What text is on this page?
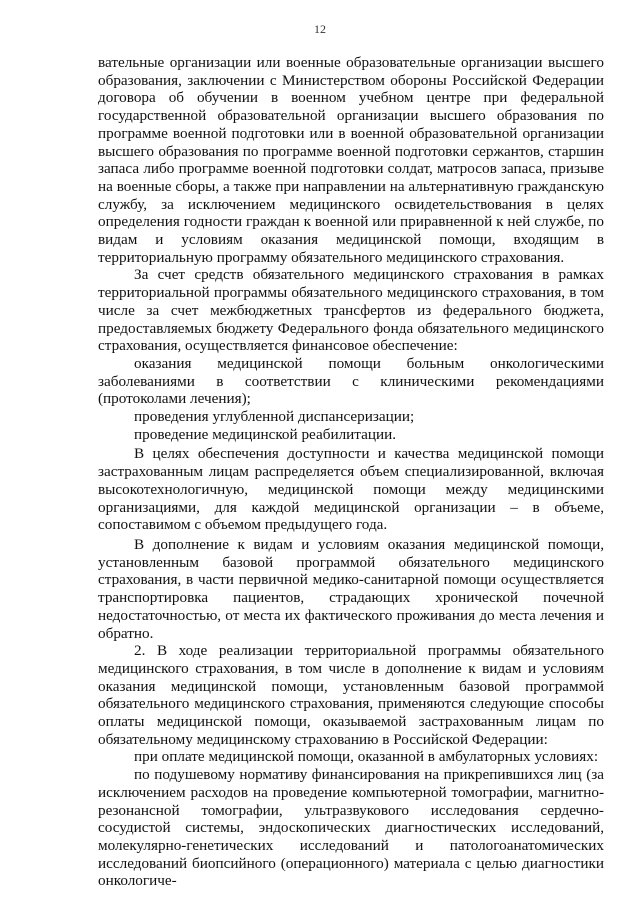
12

вательные организации или военные образовательные организации высшего образования, заключении с Министерством обороны Российской Федерации договора об обучении в военном учебном центре при федеральной государственной образовательной организации высшего образования по программе военной подготовки или в военной образовательной организации высшего образования по программе военной подготовки сержантов, старшин запаса либо программе военной подготовки солдат, матросов запаса, призыве на военные сборы, а также при направлении на альтернативную гражданскую службу, за исключением медицинского освидетельствования в целях определения годности граждан к военной или приравненной к ней службе, по видам и условиям оказания медицинской помощи, входящим в территориальную программу обязательного медицинского страхования.

За счет средств обязательного медицинского страхования в рамках территориальной программы обязательного медицинского страхования, в том числе за счет межбюджетных трансфертов из федерального бюджета, предоставляемых бюджету Федерального фонда обязательного медицинского страхования, осуществляется финансовое обеспечение:

оказания медицинской помощи больным онкологическими заболеваниями в соответствии с клиническими рекомендациями (протоколами лечения);

проведения углубленной диспансеризации;

проведение медицинской реабилитации.

В целях обеспечения доступности и качества медицинской помощи застрахованным лицам распределяется объем специализированной, включая высокотехнологичную, медицинской помощи между медицинскими организациями, для каждой медицинской организации – в объеме, сопоставимом с объемом предыдущего года.

В дополнение к видам и условиям оказания медицинской помощи, установленным базовой программой обязательного медицинского страхования, в части первичной медико-санитарной помощи осуществляется транспортировка пациентов, страдающих хронической почечной недостаточностью, от места их фактического проживания до места лечения и обратно.

2. В ходе реализации территориальной программы обязательного медицинского страхования, в том числе в дополнение к видам и условиям оказания медицинской помощи, установленным базовой программой обязательного медицинского страхования, применяются следующие способы оплаты медицинской помощи, оказываемой застрахованным лицам по обязательному медицинскому страхованию в Российской Федерации:

при оплате медицинской помощи, оказанной в амбулаторных условиях:

по подушевому нормативу финансирования на прикрепившихся лиц (за исключением расходов на проведение компьютерной томографии, магнитно-резонансной томографии, ультразвукового исследования сердечно-сосудистой системы, эндоскопических диагностических исследований, молекулярно-генетических исследований и патологоанатомических исследований биопсийного (операционного) материала с целью диагностики онкологиче-
